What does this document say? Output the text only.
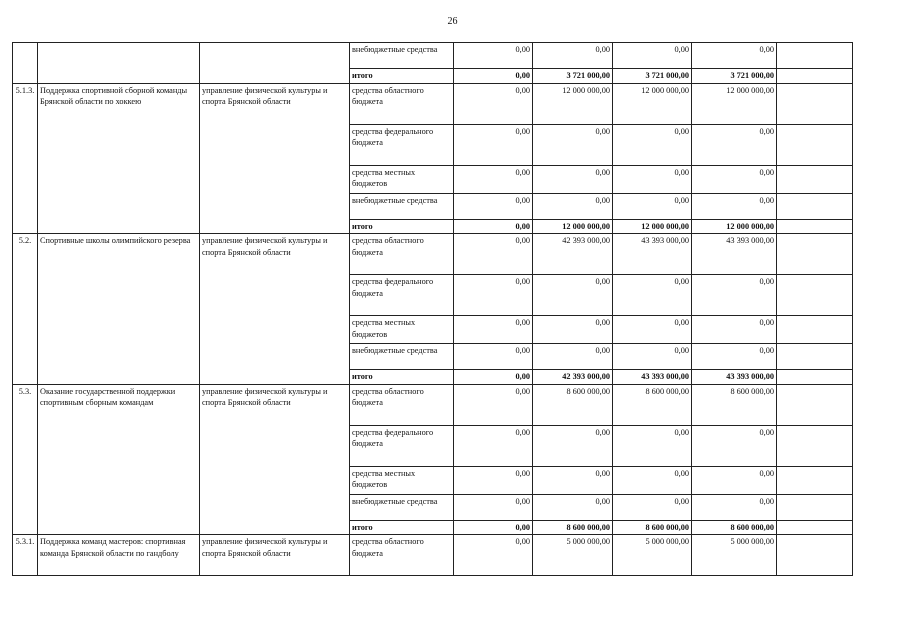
26
			внебюджетные средства	0,00	0,00	0,00	0,00	
			итого	0,00	3 721 000,00	3 721 000,00	3 721 000,00	
5.1.3.	Поддержка спортивной сборной команды Брянской области по хоккею	управление физической культуры и спорта Брянской области	средства областного бюджета	0,00	12 000 000,00	12 000 000,00	12 000 000,00	
			средства федерального бюджета	0,00	0,00	0,00	0,00	
			средства местных бюджетов	0,00	0,00	0,00	0,00	
			внебюджетные средства	0,00	0,00	0,00	0,00	
			итого	0,00	12 000 000,00	12 000 000,00	12 000 000,00	
5.2.	Спортивные школы олимпийского резерва	управление физической культуры и спорта Брянской области	средства областного бюджета	0,00	42 393 000,00	43 393 000,00	43 393 000,00	
			средства федерального бюджета	0,00	0,00	0,00	0,00	
			средства местных бюджетов	0,00	0,00	0,00	0,00	
			внебюджетные средства	0,00	0,00	0,00	0,00	
			итого	0,00	42 393 000,00	43 393 000,00	43 393 000,00	
5.3.	Оказание государственной поддержки спортивным сборным командам	управление физической культуры и спорта Брянской области	средства областного бюджета	0,00	8 600 000,00	8 600 000,00	8 600 000,00	
			средства федерального бюджета	0,00	0,00	0,00	0,00	
			средства местных бюджетов	0,00	0,00	0,00	0,00	
			внебюджетные средства	0,00	0,00	0,00	0,00	
			итого	0,00	8 600 000,00	8 600 000,00	8 600 000,00	
5.3.1.	Поддержка команд мастеров: спортивная команда Брянской области по гандболу	управление физической культуры и спорта Брянской области	средства областного бюджета	0,00	5 000 000,00	5 000 000,00	5 000 000,00	
